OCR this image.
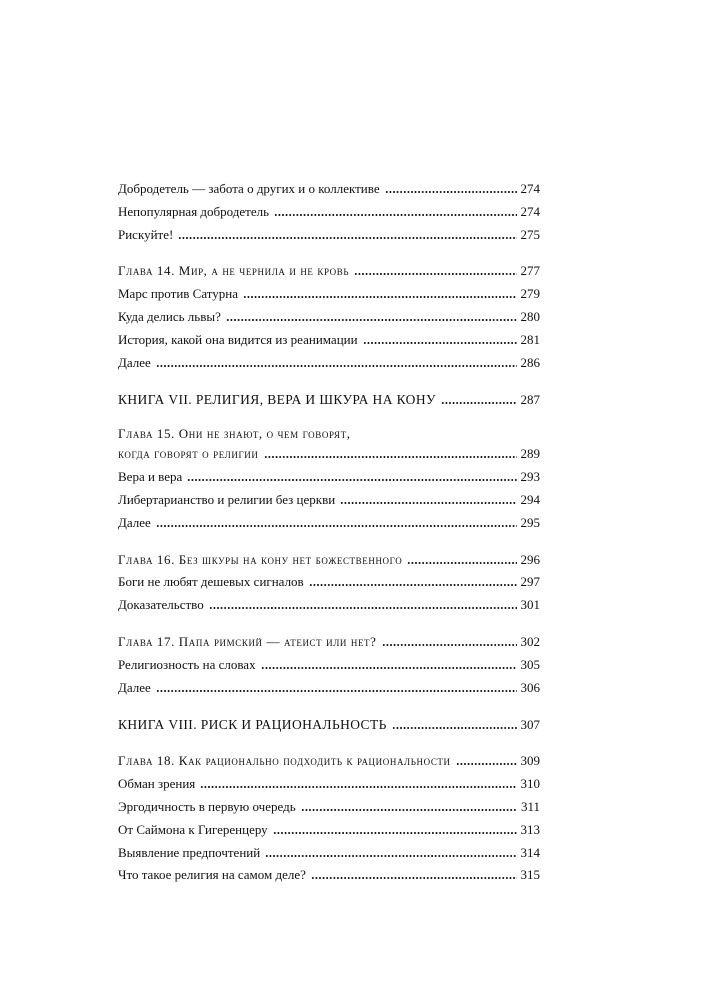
Добродетель — забота о других и о коллективе	274
Непопулярная добродетель	274
Рискуйте!	275
Глава 14. Мир, а не чернила и не кровь	277
Марс против Сатурна	279
Куда делись львы?	280
История, какой она видится из реанимации	281
Далее	286
КНИГА VII. РЕЛИГИЯ, ВЕРА И ШКУРА НА КОНУ	287
Глава 15. Они не знают, о чем говорят,
когда говорят о религии	289
Вера и вера	293
Либертарианство и религии без церкви	294
Далее	295
Глава 16. Без шкуры на кону нет божественного	296
Боги не любят дешевых сигналов	297
Доказательство	301
Глава 17. Папа римский — атеист или нет?	302
Религиозность на словах	305
Далее	306
КНИГА VIII. РИСК И РАЦИОНАЛЬНОСТЬ	307
Глава 18. Как рационально подходить к рациональности	309
Обман зрения	310
Эргодичность в первую очередь	311
От Саймона к Гигеренцеру	313
Выявление предпочтений	314
Что такое религия на самом деле?	315
